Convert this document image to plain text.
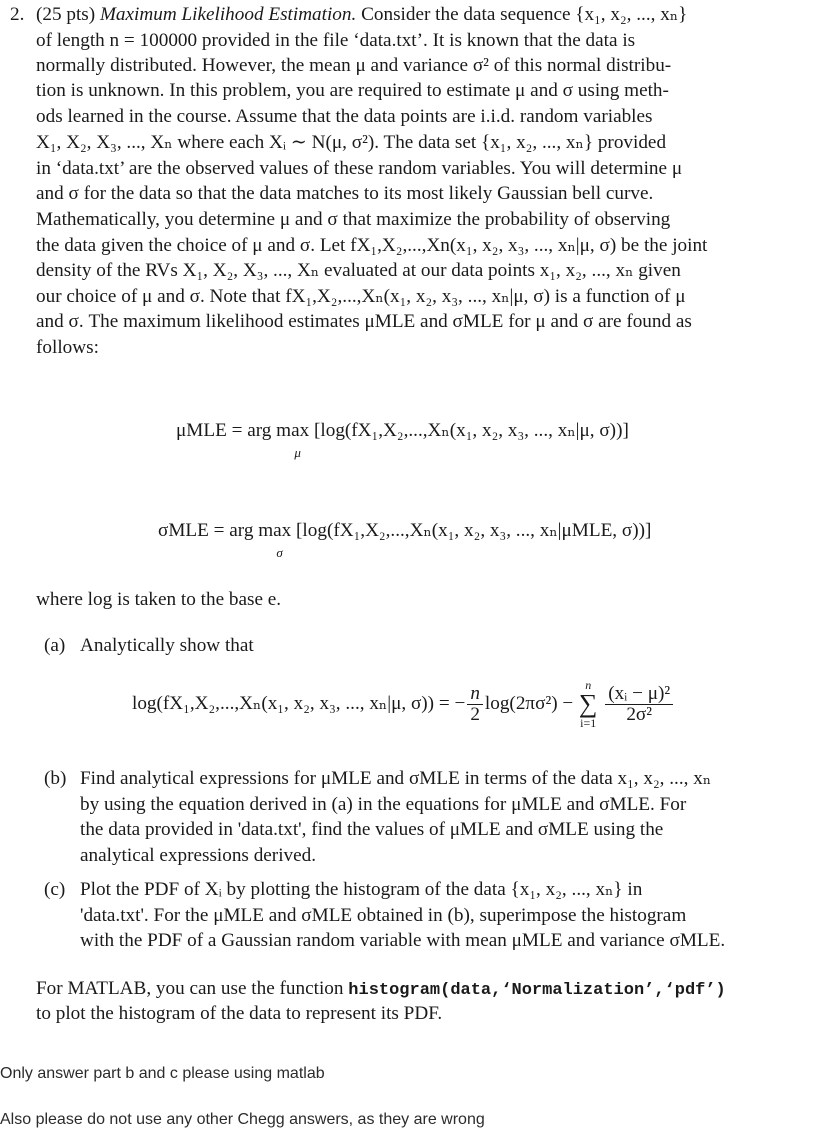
2. (25 pts) Maximum Likelihood Estimation. Consider the data sequence {x₁, x₂, ..., xₙ}
of length n = 100000 provided in the file ‘data.txt’. It is known that the data is
normally distributed. However, the mean μ and variance σ² of this normal distribu-
tion is unknown. In this problem, you are required to estimate μ and σ using meth-
ods learned in the course. Assume that the data points are i.i.d. random variables
X₁, X₂, X₃, ..., Xₙ where each Xᵢ ∼ N(μ, σ²). The data set {x₁, x₂, ..., xₙ} provided
in ‘data.txt’ are the observed values of these random variables. You will determine μ
and σ for the data so that the data matches to its most likely Gaussian bell curve.
Mathematically, you determine μ and σ that maximize the probability of observing
the data given the choice of μ and σ. Let fX₁,X₂,...,Xn(x₁, x₂, x₃, ..., xₙ|μ, σ) be the joint
density of the RVs X₁, X₂, X₃, ..., Xₙ evaluated at our data points x₁, x₂, ..., xₙ given
our choice of μ and σ. Note that fX₁,X₂,...,Xₙ(x₁, x₂, x₃, ..., xₙ|μ, σ) is a function of μ
and σ. The maximum likelihood estimates μMLE and σMLE for μ and σ are found as
follows:
μMLE = arg max
μ
[log(fX₁,X₂,...,Xₙ(x₁, x₂, x₃, ..., xₙ|μ, σ))]
σMLE = arg max
σ
[log(fX₁,X₂,...,Xₙ(x₁, x₂, x₃, ..., xₙ|μMLE, σ))]
where log is taken to the base e.
(a) Analytically show that
log(fX₁,X₂,...,Xₙ(x₁, x₂, x₃, ..., xₙ|μ, σ)) = − $\frac{n}{2} \log(2\pi\sigma^2)$ −
n
∑
$i=1 \frac{\text{(xᵢ − μ)²}}{\text{2σ²}}$
(b) Find analytical expressions for μMLE and σMLE in terms of the data x₁, x₂, ..., xₙ
by using the equation derived in (a) in the equations for μMLE and σMLE. For
the data provided in 'data.txt', find the values of μMLE and σMLE using the
analytical expressions derived.
(c) Plot the PDF of Xᵢ by plotting the histogram of the data {x₁, x₂, ..., xₙ} in
'data.txt'. For the μMLE and σMLE obtained in (b), superimpose the histogram
with the PDF of a Gaussian random variable with mean μMLE and variance σMLE.
For MATLAB, you can use the function histogram(data,‘Normalization’,‘pdf’)
to plot the histogram of the data to represent its PDF.
Only answer part b and c please using matlab
Also please do not use any other Chegg answers, as they are wrong
